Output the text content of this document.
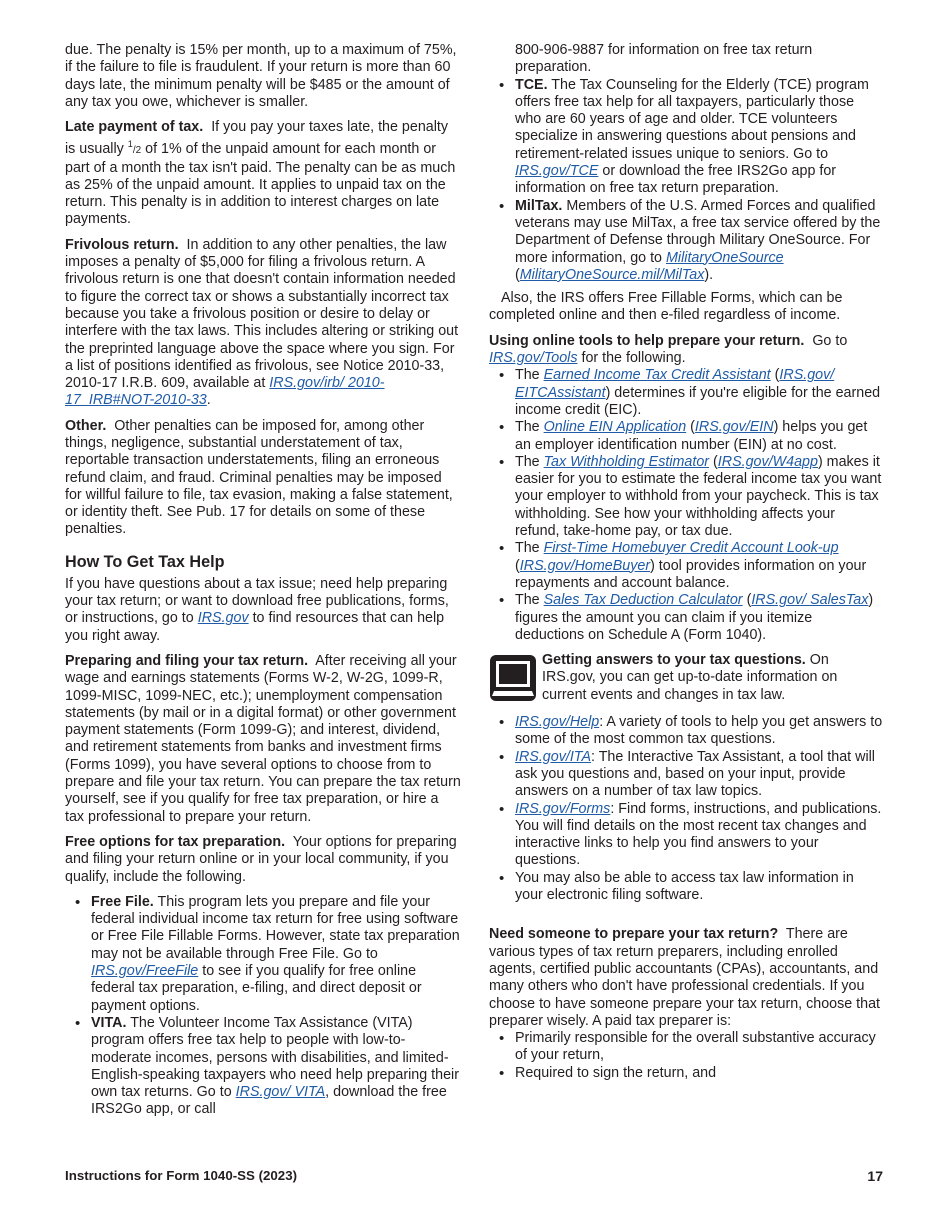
due. The penalty is 15% per month, up to a maximum of 75%, if the failure to file is fraudulent. If your return is more than 60 days late, the minimum penalty will be $485 or the amount of any tax you owe, whichever is smaller.

Late payment of tax. If you pay your taxes late, the penalty is usually $^1$/2 of 1% of the unpaid amount for each month or part of a month the tax isn't paid. The penalty can be as much as 25% of the unpaid amount. It applies to unpaid tax on the return. This penalty is in addition to interest charges on late payments.

Frivolous return. In addition to any other penalties, the law imposes a penalty of $5,000 for filing a frivolous return. A frivolous return is one that doesn't contain information needed to figure the correct tax or shows a substantially incorrect tax because you take a frivolous position or desire to delay or interfere with the tax laws. This includes altering or striking out the preprinted language above the space where you sign. For a list of positions identified as frivolous, see Notice 2010-33, 2010-17 I.R.B. 609, available at IRS.gov/irb/ 2010-17_IRB#NOT-2010-33.

Other. Other penalties can be imposed for, among other things, negligence, substantial understatement of tax, reportable transaction understatements, filing an erroneous refund claim, and fraud. Criminal penalties may be imposed for willful failure to file, tax evasion, making a false statement, or identity theft. See Pub. 17 for details on some of these penalties.

How To Get Tax Help

If you have questions about a tax issue; need help preparing your tax return; or want to download free publications, forms, or instructions, go to IRS.gov to find resources that can help you right away.

Preparing and filing your tax return. After receiving all your wage and earnings statements (Forms W-2, W-2G, 1099-R, 1099-MISC, 1099-NEC, etc.); unemployment compensation statements (by mail or in a digital format) or other government payment statements (Form 1099-G); and interest, dividend, and retirement statements from banks and investment firms (Forms 1099), you have several options to choose from to prepare and file your tax return. You can prepare the tax return yourself, see if you qualify for free tax preparation, or hire a tax professional to prepare your return.

Free options for tax preparation. Your options for preparing and filing your return online or in your local community, if you qualify, include the following.

• Free File. This program lets you prepare and file your federal individual income tax return for free using software or Free File Fillable Forms. However, state tax preparation may not be available through Free File. Go to IRS.gov/FreeFile to see if you qualify for free online federal tax preparation, e-filing, and direct deposit or payment options.
• VITA. The Volunteer Income Tax Assistance (VITA) program offers free tax help to people with low-to-moderate incomes, persons with disabilities, and limited-English-speaking taxpayers who need help preparing their own tax returns. Go to IRS.gov/ VITA, download the free IRS2Go app, or call
800-906-9887 for information on free tax return preparation.
• TCE. The Tax Counseling for the Elderly (TCE) program offers free tax help for all taxpayers, particularly those who are 60 years of age and older. TCE volunteers specialize in answering questions about pensions and retirement-related issues unique to seniors. Go to IRS.gov/TCE or download the free IRS2Go app for information on free tax return preparation.
• MilTax. Members of the U.S. Armed Forces and qualified veterans may use MilTax, a free tax service offered by the Department of Defense through Military OneSource. For more information, go to MilitaryOneSource (MilitaryOneSource.mil/MilTax).

Also, the IRS offers Free Fillable Forms, which can be completed online and then e-filed regardless of income.

Using online tools to help prepare your return. Go to IRS.gov/Tools for the following.

• The Earned Income Tax Credit Assistant (IRS.gov/ EITCAssistant) determines if you're eligible for the earned income credit (EIC).
• The Online EIN Application (IRS.gov/EIN) helps you get an employer identification number (EIN) at no cost.
• The Tax Withholding Estimator (IRS.gov/W4app) makes it easier for you to estimate the federal income tax you want your employer to withhold from your paycheck. This is tax withholding. See how your withholding affects your refund, take-home pay, or tax due.
• The First-Time Homebuyer Credit Account Look-up (IRS.gov/HomeBuyer) tool provides information on your repayments and account balance.
• The Sales Tax Deduction Calculator (IRS.gov/ SalesTax) figures the amount you can claim if you itemize deductions on Schedule A (Form 1040).
Getting answers to your tax questions. On IRS.gov, you can get up-to-date information on current events and changes in tax law.
• IRS.gov/Help: A variety of tools to help you get answers to some of the most common tax questions.
• IRS.gov/ITA: The Interactive Tax Assistant, a tool that will ask you questions and, based on your input, provide answers on a number of tax law topics.
• IRS.gov/Forms: Find forms, instructions, and publications. You will find details on the most recent tax changes and interactive links to help you find answers to your questions.
• You may also be able to access tax law information in your electronic filing software.

Need someone to prepare your tax return? There are various types of tax return preparers, including enrolled agents, certified public accountants (CPAs), accountants, and many others who don't have professional credentials. If you choose to have someone prepare your tax return, choose that preparer wisely. A paid tax preparer is:

• Primarily responsible for the overall substantive accuracy of your return,
• Required to sign the return, and
Instructions for Form 1040-SS (2023)	17
